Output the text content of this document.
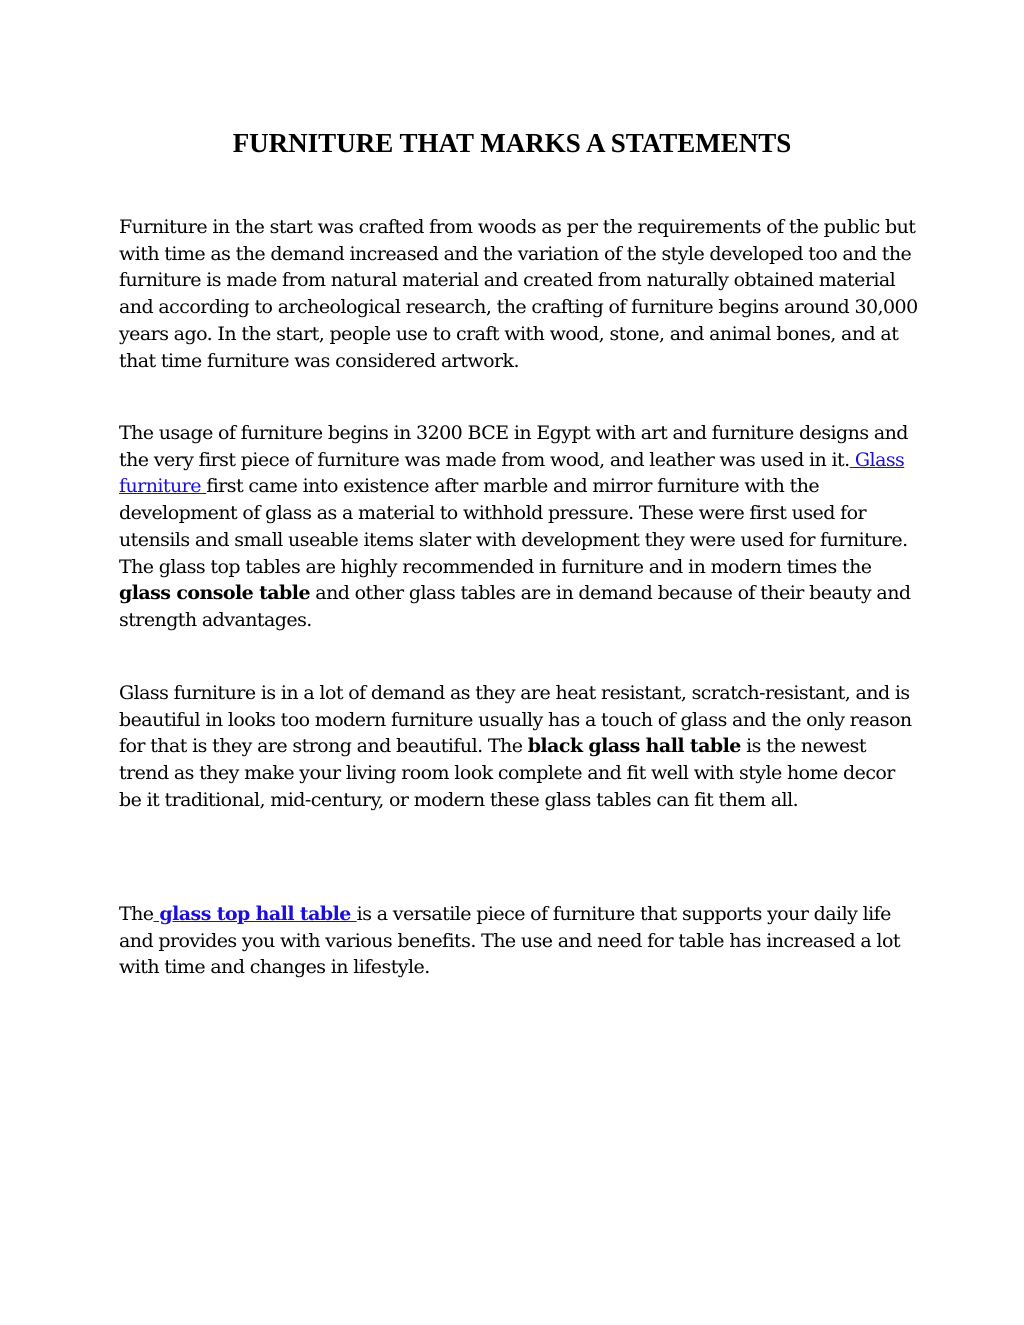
FURNITURE THAT MARKS A STATEMENTS

Furniture in the start was crafted from woods as per the requirements of the public but with time as the demand increased and the variation of the style developed too and the furniture is made from natural material and created from naturally obtained material and according to archeological research, the crafting of furniture begins around 30,000 years ago. In the start, people use to craft with wood, stone, and animal bones, and at that time furniture was considered artwork.

The usage of furniture begins in 3200 BCE in Egypt with art and furniture designs and the very first piece of furniture was made from wood, and leather was used in it. Glass furniture first came into existence after marble and mirror furniture with the development of glass as a material to withhold pressure. These were first used for utensils and small useable items slater with development they were used for furniture. The glass top tables are highly recommended in furniture and in modern times the glass console table and other glass tables are in demand because of their beauty and strength advantages.

Glass furniture is in a lot of demand as they are heat resistant, scratch-resistant, and is beautiful in looks too modern furniture usually has a touch of glass and the only reason for that is they are strong and beautiful. The black glass hall table is the newest trend as they make your living room look complete and fit well with style home decor be it traditional, mid-century, or modern these glass tables can fit them all.

The glass top hall table is a versatile piece of furniture that supports your daily life and provides you with various benefits. The use and need for table has increased a lot with time and changes in lifestyle.
